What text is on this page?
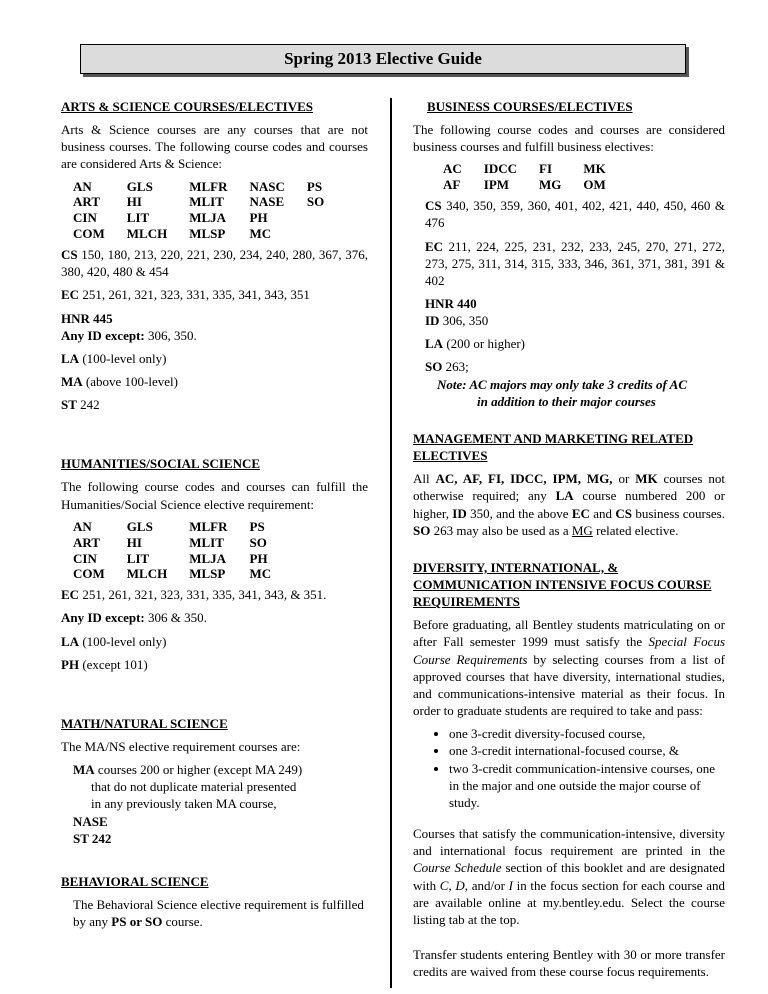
Spring 2013 Elective Guide
ARTS & SCIENCE COURSES/ELECTIVES
Arts & Science courses are any courses that are not business courses. The following course codes and courses are considered Arts & Science:
AN	GLS	MLFR	NASC	PS
ART	HI	MLIT	NASE	SO
CIN	LIT	MLJA	PH	
COM	MLCH	MLSP	MC	
CS 150, 180, 213, 220, 221, 230, 234, 240, 280, 367, 376, 380, 420, 480 & 454
EC 251, 261, 321, 323, 331, 335, 341, 343, 351
HNR 445
Any ID except: 306, 350.
LA (100-level only)
MA (above 100-level)
ST 242
HUMANITIES/SOCIAL SCIENCE
The following course codes and courses can fulfill the Humanities/Social Science elective requirement:
AN	GLS	MLFR	PS
ART	HI	MLIT	SO
CIN	LIT	MLJA	PH
COM	MLCH	MLSP	MC
EC 251, 261, 321, 323, 331, 335, 341, 343, & 351.
Any ID except: 306 & 350.
LA (100-level only)
PH (except 101)
MATH/NATURAL SCIENCE
The MA/NS elective requirement courses are:
MA courses 200 or higher (except MA 249)
that do not duplicate material presented
in any previously taken MA course,
NASE
ST 242
BEHAVIORAL SCIENCE
The Behavioral Science elective requirement is fulfilled by any PS or SO course.
BUSINESS COURSES/ELECTIVES
The following course codes and courses are considered business courses and fulfill business electives:
AC	IDCC	FI	MK
AF	IPM	MG	OM
CS 340, 350, 359, 360, 401, 402, 421, 440, 450, 460 & 476
EC 211, 224, 225, 231, 232, 233, 245, 270, 271, 272, 273, 275, 311, 314, 315, 333, 346, 361, 371, 381, 391 & 402
HNR 440
ID 306, 350
LA (200 or higher)
SO 263;
Note: AC majors may only take 3 credits of AC
in addition to their major courses
MANAGEMENT AND MARKETING RELATED ELECTIVES
All AC, AF, FI, IDCC, IPM, MG, or MK courses not otherwise required; any LA course numbered 200 or higher, ID 350, and the above EC and CS business courses. SO 263 may also be used as a MG related elective.
DIVERSITY, INTERNATIONAL, & COMMUNICATION INTENSIVE FOCUS COURSE REQUIREMENTS
Before graduating, all Bentley students matriculating on or after Fall semester 1999 must satisfy the Special Focus Course Requirements by selecting courses from a list of approved courses that have diversity, international studies, and communications-intensive material as their focus. In order to graduate students are required to take and pass:
• one 3-credit diversity-focused course,
• one 3-credit international-focused course, &
• two 3-credit communication-intensive courses, one in the major and one outside the major course of study.
Courses that satisfy the communication-intensive, diversity and international focus requirement are printed in the Course Schedule section of this booklet and are designated with C, D, and/or I in the focus section for each course and are available online at my.bentley.edu. Select the course listing tab at the top.
Transfer students entering Bentley with 30 or more transfer credits are waived from these course focus requirements.
